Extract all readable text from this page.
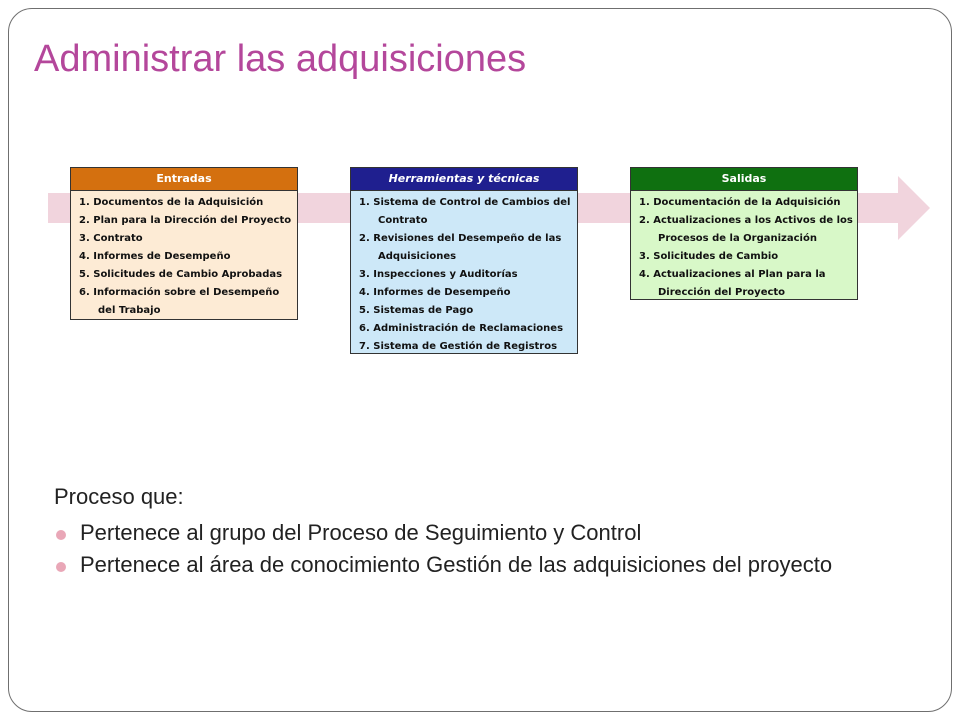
Administrar las adquisiciones
Entradas
1. Documentos de la Adquisición
2. Plan para la Dirección del Proyecto
3. Contrato
4. Informes de Desempeño
5. Solicitudes de Cambio Aprobadas
6. Información sobre el Desempeño
del Trabajo
Herramientas y técnicas
1. Sistema de Control de Cambios del
Contrato
2. Revisiones del Desempeño de las
Adquisiciones
3. Inspecciones y Auditorías
4. Informes de Desempeño
5. Sistemas de Pago
6. Administración de Reclamaciones
7. Sistema de Gestión de Registros
Salidas
1. Documentación de la Adquisición
2. Actualizaciones a los Activos de los
Procesos de la Organización
3. Solicitudes de Cambio
4. Actualizaciones al Plan para la
Dirección del Proyecto
Proceso que:
Pertenece al grupo del Proceso de Seguimiento y Control
Pertenece al área de conocimiento Gestión de las adquisiciones del proyecto
